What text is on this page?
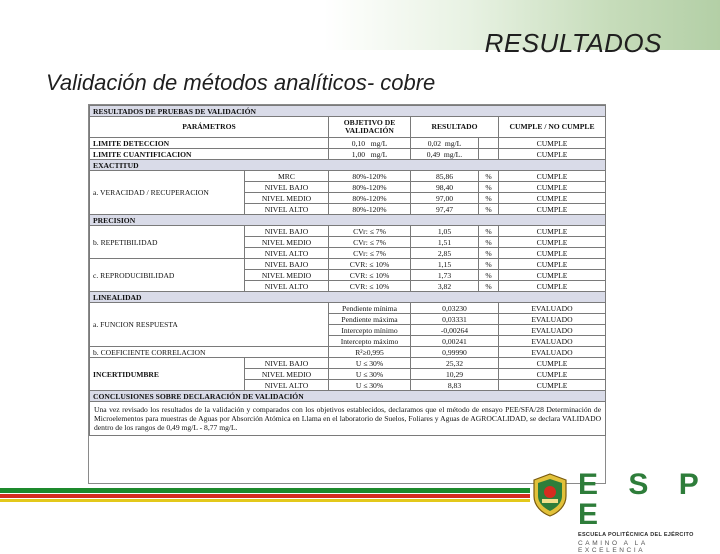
RESULTADOS
Validación de métodos analíticos- cobre
RESULTADOS DE PRUEBAS DE VALIDACIÓN					
PARÁMETROS		OBJETIVO DE VALIDACIÓN	RESULTADO		CUMPLE / NO CUMPLE
LIMITE DETECCION		0,10 mg/L	0,02 mg/L		CUMPLE
LIMITE CUANTIFICACION		1,00 mg/L	0,49 mg/L.		CUMPLE
EXACTITUD					
a. VERACIDAD / RECUPERACION	MRC	80%-120%	85,86	%	CUMPLE
	NIVEL BAJO	80%-120%	98,40	%	CUMPLE
	NIVEL MEDIO	80%-120%	97,00	%	CUMPLE
	NIVEL ALTO	80%-120%	97,47	%	CUMPLE
PRECISION					
b. REPETIBILIDAD	NIVEL BAJO	CVr: ≤ 7%	1,05	%	CUMPLE
	NIVEL MEDIO	CVr: ≤ 7%	1,51	%	CUMPLE
	NIVEL ALTO	CVr: ≤ 7%	2,85	%	CUMPLE
c. REPRODUCIBILIDAD	NIVEL BAJO	CVR: ≤ 10%	1,15	%	CUMPLE
	NIVEL MEDIO	CVR: ≤ 10%	1,73	%	CUMPLE
	NIVEL ALTO	CVR: ≤ 10%	3,82	%	CUMPLE
LINEALIDAD					
a. FUNCION RESPUESTA		Pendiente mínima	0,03230		EVALUADO
		Pendiente máxima	0,03331		EVALUADO
		Intercepto mínimo	-0,00264		EVALUADO
		Intercepto máximo	0,00241		EVALUADO
b. COEFICIENTE CORRELACION		R²≥0,995	0,99990		EVALUADO
INCERTIDUMBRE	NIVEL BAJO	U ≤ 30%	25,32		CUMPLE
	NIVEL MEDIO	U ≤ 30%	10,29		CUMPLE
	NIVEL ALTO	U ≤ 30%	8,83		CUMPLE
CONCLUSIONES SOBRE DECLARACIÓN DE VALIDACIÓN					
Una vez revisado los resultados de la validación y comparados con los objetivos establecidos, declaramos que el método de ensayo PEE/SFA/28 Determinación de Microelementos para muestras de Aguas por Absorción Atómica en Llama en el laboratorio de Suelos, Foliares y Aguas de AGROCALIDAD, se declara VALIDADO dentro de los rangos de 0,49 mg/L - 8,77 mg/L.					
E S P E
ESCUELA POLITÉCNICA DEL EJÉRCITO
CAMINO A LA EXCELENCIA
